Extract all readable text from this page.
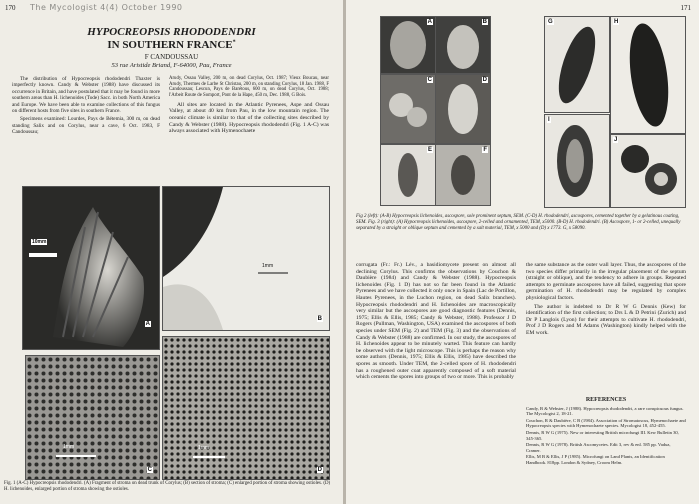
170 The Mycologist 4(4) October 1990
HYPOCREOPSIS RHODODENDRI
IN SOUTHERN FRANCE*
F CANDOUSSAU
53 rue Aristide Briand, F-64000, Pau, France
The distribution of Hypocreopsis rhododendri Thaxter is imperfectly known. Candy & Webster (1988) have discussed its occurrence in Britain, and have postulated that it may be found in more southern areas than H. lichenoides (Tode) Sacc. in both North America and Europe. We have been able to examine collections of this fungus on different hosts from five sites in southern France.
Specimens examined: Lourdes, Pays de Bétemia, 300 m, on dead standing Salix and on Corylus, near a cave, 6 Oct. 1983, F Candoussau;
Arudy, Ossau Valley, 200 m, on dead Corylus, Oct. 1987; Vieux Boucau, near Arudy, Thermes de Larbe St Christau, 200 m, on standing Corylus, 18 Jan. 1988, F Candoussau; Lescun, Pays de Barétous, 600 m, on dead Corylus, Oct. 1988; l'Arbeit Route de Somport, Pont de la Hape, 450 m, Dec. 1988, G Bois.
All sites are located in the Atlantic Pyrenees, Aspe and Ossau Valley, at about 40 km from Pau, in the low mountain region. The oceanic climate is similar to that of the collecting sites described by Candy & Webster (1988). Hypocreopsis rhododendri (Fig. 1 A-C) was always associated with Hymenochaete
10mm
A
1mm
B
1mm
C
1mm
D
Fig. 1 (A-C) Hypocreopsis rhododendri. (A) Fragment of stroma on dead trunk of Corylus; (B) section of stroma; (C) enlarged portion of stroma showing ostioles. (D) H. lichenoides, enlarged portion of stroma showing the ostioles.
171
A	B
C	D
E	F
G	H
I
J
Fig 2 (left): (A-B) Hypocreopsis lichenoides, ascospore, sole prominent septum, SEM. (C-D) H. rhododendri, ascospores, cemented together by a gelatinous coating, SEM. Fig. 3 (right): (A) Hypocreopsis lichenoides, ascospore, 2-celled and ornamented, TEM, x5000. (B-D) H. rhododendri. (B) Ascospore, 1- or 2-celled, unequally separated by a straight or oblique septum and cemented by a salt material, TEM, x 5000 and (D) x 1773. G, x 58090.
corrugata (Fr.: Fr.) Lév., a basidiomycete present on almost all declining Corylus. This confirms the observations by Couchon & Daubière (1984) and Candy & Webster (1988). Hypocreopsis lichenoides (Fig. 1 D) has not so far been found in the Atlantic Pyrenees and we have collected it only once in Spain (Lac de Portillon, Hautes Pyrenees, in the Luchon region, on dead Salix branches). Hypocreopsis rhododendri and H. lichenoides are macroscopically very similar but the ascospores are good diagnostic features (Dennis, 1975; Ellis & Ellis, 1985; Candy & Webster, 1988). Professor J D Rogers (Pullman, Washington, USA) examined the ascospores of both species under SEM (Fig. 2) and TEM (Fig. 3) and the observations of Candy & Webster (1988) are confirmed. In our study, the ascospores of H. lichenoides appear to be minutely warted. This feature can hardly be observed with the light microscope. This is perhaps the reason why some authors (Dennis, 1975; Ellis & Ellis, 1985) have described the spores as smooth. Under TEM, the 2-celled spore of H. rhododendri has a roughened outer coat apparently composed of a soft material which cements the spores into groups of two or more. This is probably
the same substance as the outer wall layer. Thus, the ascospores of the two species differ primarily in the irregular placement of the septum (straight or oblique), and the tendency to adhere in groups. Repeated attempts to germinate ascospores have all failed, suggesting that spore germination of H. rhododendri may be regulated by complex physiological factors.
The author is indebted to Dr R W G Dennis (Kew) for identification of the first collection; to Drs L & D Petrini (Zurich) and Dr P Langlois (Lyon) for their attempts to cultivate H. rhododendri, Prof J D Rogers and M Adams (Washington) kindly helped with the EM work.
REFERENCES
Candy, B & Webster, J (1988). Hypocreopsis rhododendri, a rare conspicuous fungus. The Mycologist 2, 18-21.
Couchon, R & Daubière, C B (1984). Association of Stromatoscus, Hymenochaete and Hypocreopsis species with Hymenochaete species. Mycologist 18, 452-455.
Dennis, R W G (1975). New or interesting British microfungi III. Kew Bulletin 30, 345-365.
Dennis, R W G (1978). British Ascomycetes. Edit 3, rev & enl. 585 pp. Vaduz, Cramer.
Ellis, M B & Ellis, J P (1985). Microfungi on Land Plants, an Identification Handbook. 818pp. London & Sydney, Croom Helm.
